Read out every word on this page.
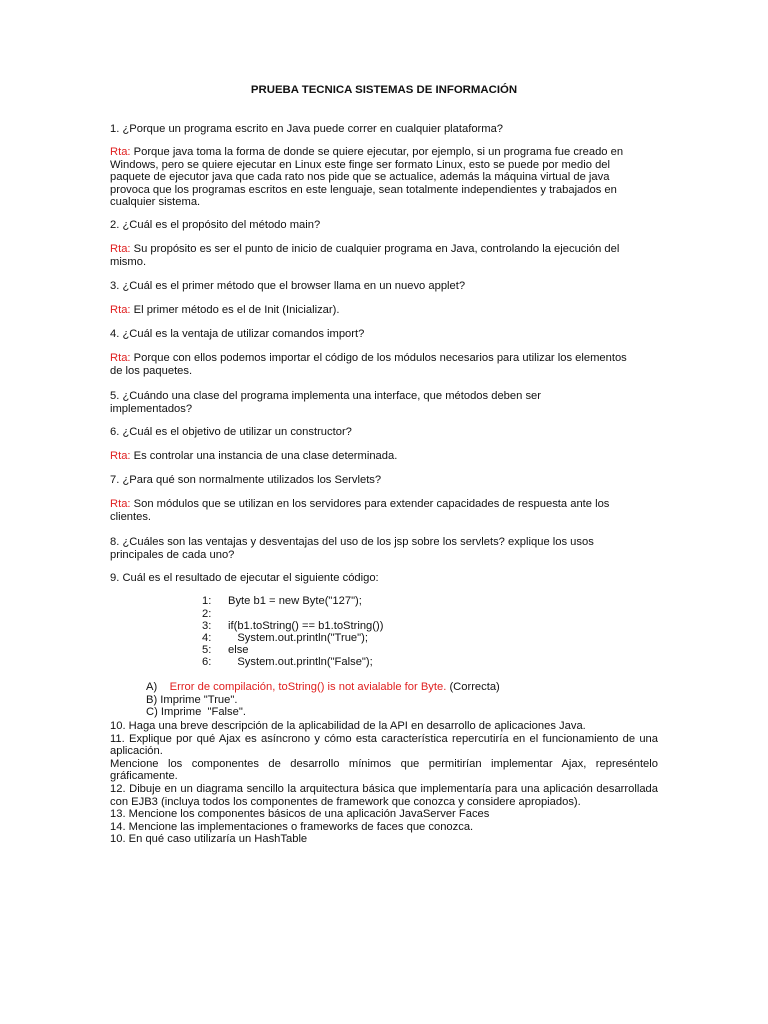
PRUEBA TECNICA SISTEMAS DE INFORMACIÓN
1. ¿Porque un programa escrito en Java puede correr en cualquier plataforma?
Rta: Porque java toma la forma de donde se quiere ejecutar, por ejemplo, si un programa fue creado en
Windows, pero se quiere ejecutar en Linux este finge ser formato Linux, esto se puede por medio del
paquete de ejecutor java que cada rato nos pide que se actualice, además la máquina virtual de java
provoca que los programas escritos en este lenguaje, sean totalmente independientes y trabajados en
cualquier sistema.
2. ¿Cuál es el propósito del método main?
Rta: Su propósito es ser el punto de inicio de cualquier programa en Java, controlando la ejecución del
mismo.
3. ¿Cuál es el primer método que el browser llama en un nuevo applet?
Rta: El primer método es el de Init (Inicializar).
4. ¿Cuál es la ventaja de utilizar comandos import?
Rta: Porque con ellos podemos importar el código de los módulos necesarios para utilizar los elementos
de los paquetes.
5. ¿Cuándo una clase del programa implementa una interface, que métodos deben ser
implementados?
6. ¿Cuál es el objetivo de utilizar un constructor?
Rta: Es controlar una instancia de una clase determinada.
7. ¿Para qué son normalmente utilizados los Servlets?
Rta: Son módulos que se utilizan en los servidores para extender capacidades de respuesta ante los
clientes.
8. ¿Cuáles son las ventajas y desventajas del uso de los jsp sobre los servlets? explique los usos
principales de cada uno?
9. Cuál es el resultado de ejecutar el siguiente código:
1: Byte b1 = new Byte("127");
2:
3: if(b1.toString() == b1.toString())
4:   System.out.println("True");
5: else
6:   System.out.println("False");
A) Error de compilación, toString() is not avialable for Byte. (Correcta)
B) Imprime "True".
C) Imprime  "False".
10. Haga una breve descripción de la aplicabilidad de la API en desarrollo de aplicaciones Java.
11. Explique por qué Ajax es asíncrono y cómo esta característica repercutiría en el funcionamiento de una aplicación.
Mencione los componentes de desarrollo mínimos que permitirían implementar Ajax, represéntelo gráficamente.
12. Dibuje en un diagrama sencillo la arquitectura básica que implementaría para una aplicación desarrollada con EJB3 (incluya todos los componentes de framework que conozca y considere apropiados).
13. Mencione los componentes básicos de una aplicación JavaServer Faces
14. Mencione las implementaciones o frameworks de faces que conozca.
10. En qué caso utilizaría un HashTable
